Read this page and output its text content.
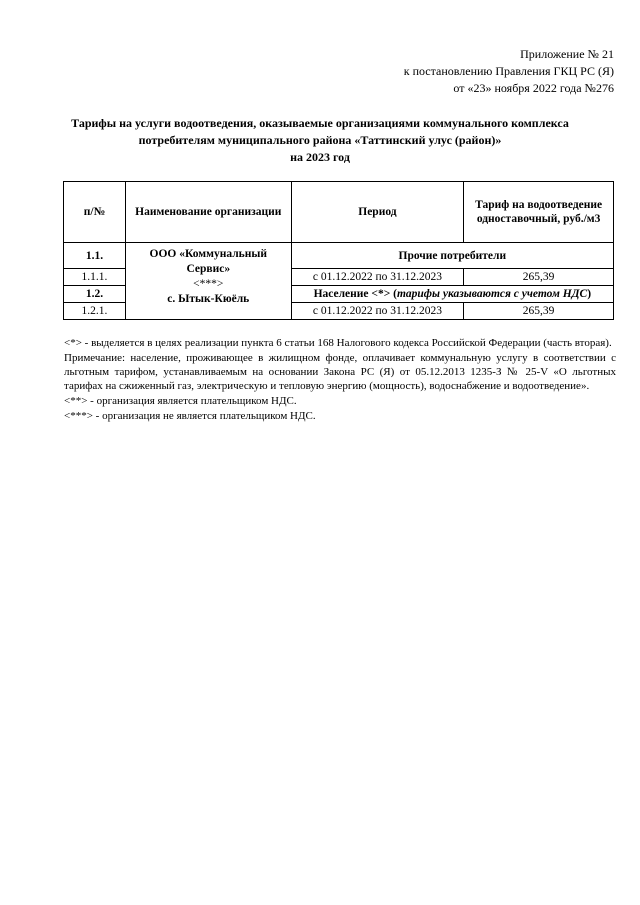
Приложение № 21
к постановлению Правления ГКЦ РС (Я)
от «23» ноября 2022 года №276
Тарифы на услуги водоотведения, оказываемые организациями коммунального комплекса
потребителям муниципального района «Таттинский улус (район)»
на 2023 год
п/№	Наименование организации	Период	Тариф на водоотведение одноставочный, руб./м3
1.1.	ООО «Коммунальный Сервис»
<***>
с. Ытык-Кюёль	Прочие потребители	
1.1.1.		с 01.12.2022 по 31.12.2023	265,39
1.2.		Население <*> (тарифы указываются с учетом НДС)	
1.2.1.		с 01.12.2022 по 31.12.2023	265,39

<*> - выделяется в целях реализации пункта 6 статьи 168 Налогового кодекса Российской Федерации (часть вторая).

Примечание: население, проживающее в жилищном фонде, оплачивает коммунальную услугу в соответствии с льготным тарифом, устанавливаемым на основании Закона РС (Я) от 05.12.2013 1235-З № 25-V «О льготных тарифах на сжиженный газ, электрическую и тепловую энергию (мощность), водоснабжение и водоотведение».

<**> - организация является плательщиком НДС.

<***> - организация не является плательщиком НДС.
